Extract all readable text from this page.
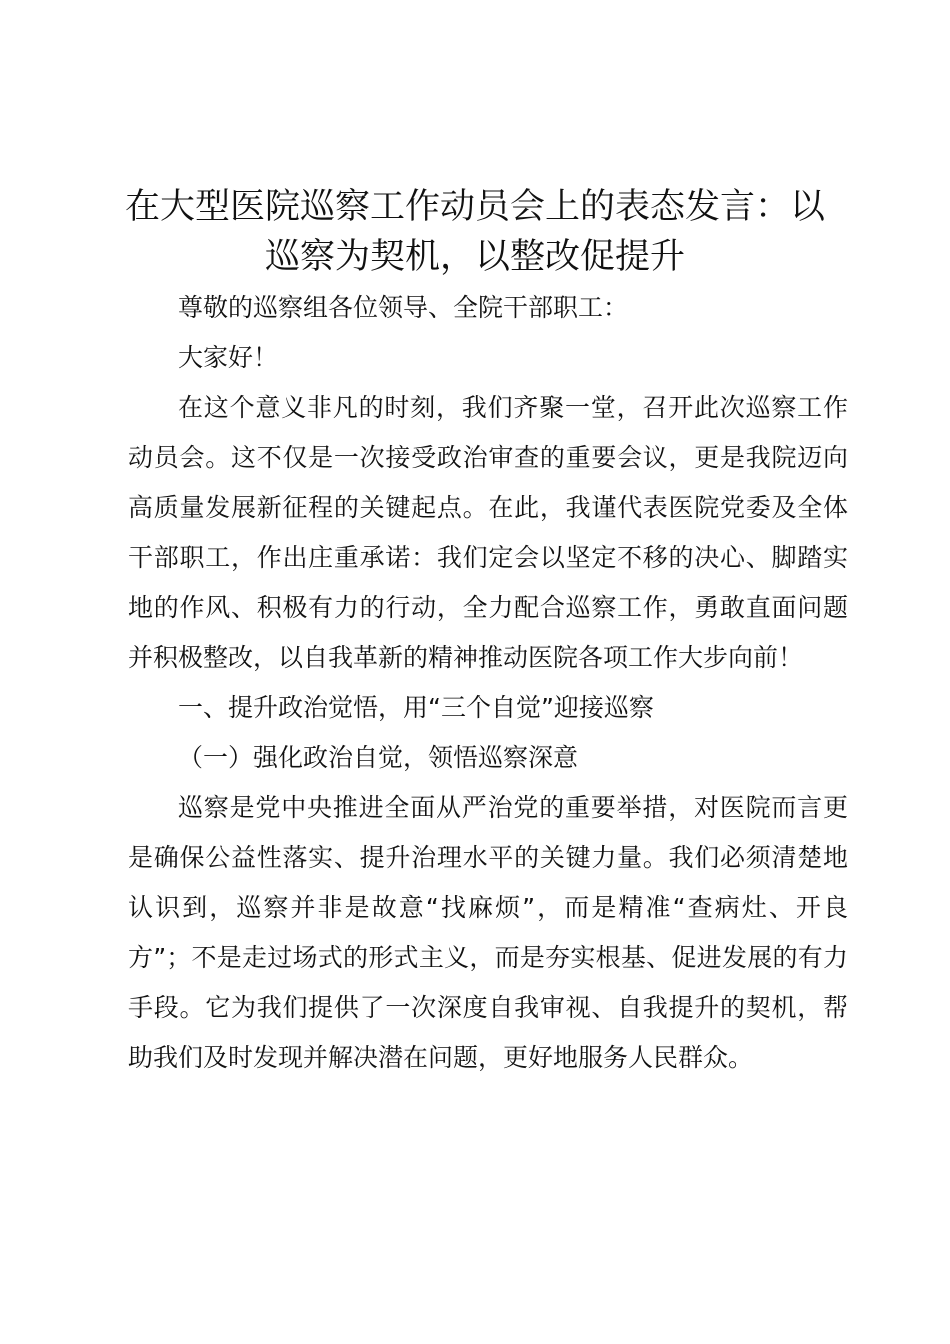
在大型医院巡察工作动员会上的表态发言：以巡察为契机，以整改促提升

尊敬的巡察组各位领导、全院干部职工：

大家好！

在这个意义非凡的时刻，我们齐聚一堂，召开此次巡察工作动员会。这不仅是一次接受政治审查的重要会议，更是我院迈向高质量发展新征程的关键起点。在此，我谨代表医院党委及全体干部职工，作出庄重承诺：我们定会以坚定不移的决心、脚踏实地的作风、积极有力的行动，全力配合巡察工作，勇敢直面问题并积极整改，以自我革新的精神推动医院各项工作大步向前！

一、提升政治觉悟，用“三个自觉”迎接巡察

（一）强化政治自觉，领悟巡察深意

巡察是党中央推进全面从严治党的重要举措，对医院而言更是确保公益性落实、提升治理水平的关键力量。我们必须清楚地认识到，巡察并非是故意“找麻烦”，而是精准“查病灶、开良方”；不是走过场式的形式主义，而是夯实根基、促进发展的有力手段。它为我们提供了一次深度自我审视、自我提升的契机，帮助我们及时发现并解决潜在问题，更好地服务人民群众。
